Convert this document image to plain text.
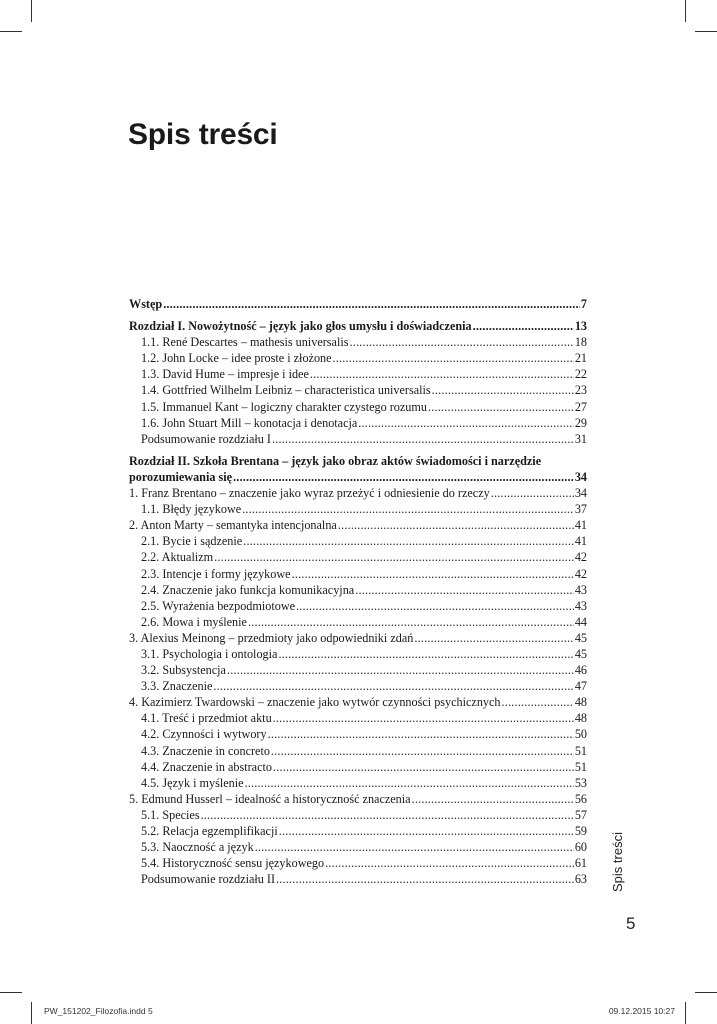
Spis treści
Wstęp .....	7
Rozdział I. Nowożytność – język jako głos umysłu i doświadczenia .....	13
1.1. René Descartes – mathesis universalis .....	18
1.2. John Locke – idee proste i złożone .....	21
1.3. David Hume – impresje i idee .....	22
1.4. Gottfried Wilhelm Leibniz – characteristica universalis .....	23
1.5. Immanuel Kant – logiczny charakter czystego rozumu .....	27
1.6. John Stuart Mill – konotacja i denotacja .....	29
Podsumowanie rozdziału I .....	31
Rozdział II. Szkoła Brentana – język jako obraz aktów świadomości i narzędzie
porozumiewania się .....	34
1. Franz Brentano – znaczenie jako wyraz przeżyć i odniesienie do rzeczy .....	34
1.1. Błędy językowe .....	37
2. Anton Marty – semantyka intencjonalna .....	41
2.1. Bycie i sądzenie .....	41
2.2. Aktualizm .....	42
2.3. Intencje i formy językowe .....	42
2.4. Znaczenie jako funkcja komunikacyjna .....	43
2.5. Wyrażenia bezpodmiotowe .....	43
2.6. Mowa i myślenie .....	44
3. Alexius Meinong – przedmioty jako odpowiedniki zdań .....	45
3.1. Psychologia i ontologia .....	45
3.2. Subsystencja .....	46
3.3. Znaczenie .....	47
4. Kazimierz Twardowski – znaczenie jako wytwór czynności psychicznych .....	48
4.1. Treść i przedmiot aktu .....	48
4.2. Czynności i wytwory .....	50
4.3. Znaczenie in concreto .....	51
4.4. Znaczenie in abstracto .....	51
4.5. Język i myślenie .....	53
5. Edmund Husserl – idealność a historyczność znaczenia .....	56
5.1. Species .....	57
5.2. Relacja egzemplifikacji .....	59
5.3. Naoczność a język .....	60
5.4. Historyczność sensu językowego .....	61
Podsumowanie rozdziału II .....	63 Spis treści
5
PW_151202_Filozofia.indd 5	09.12.2015 10:27
